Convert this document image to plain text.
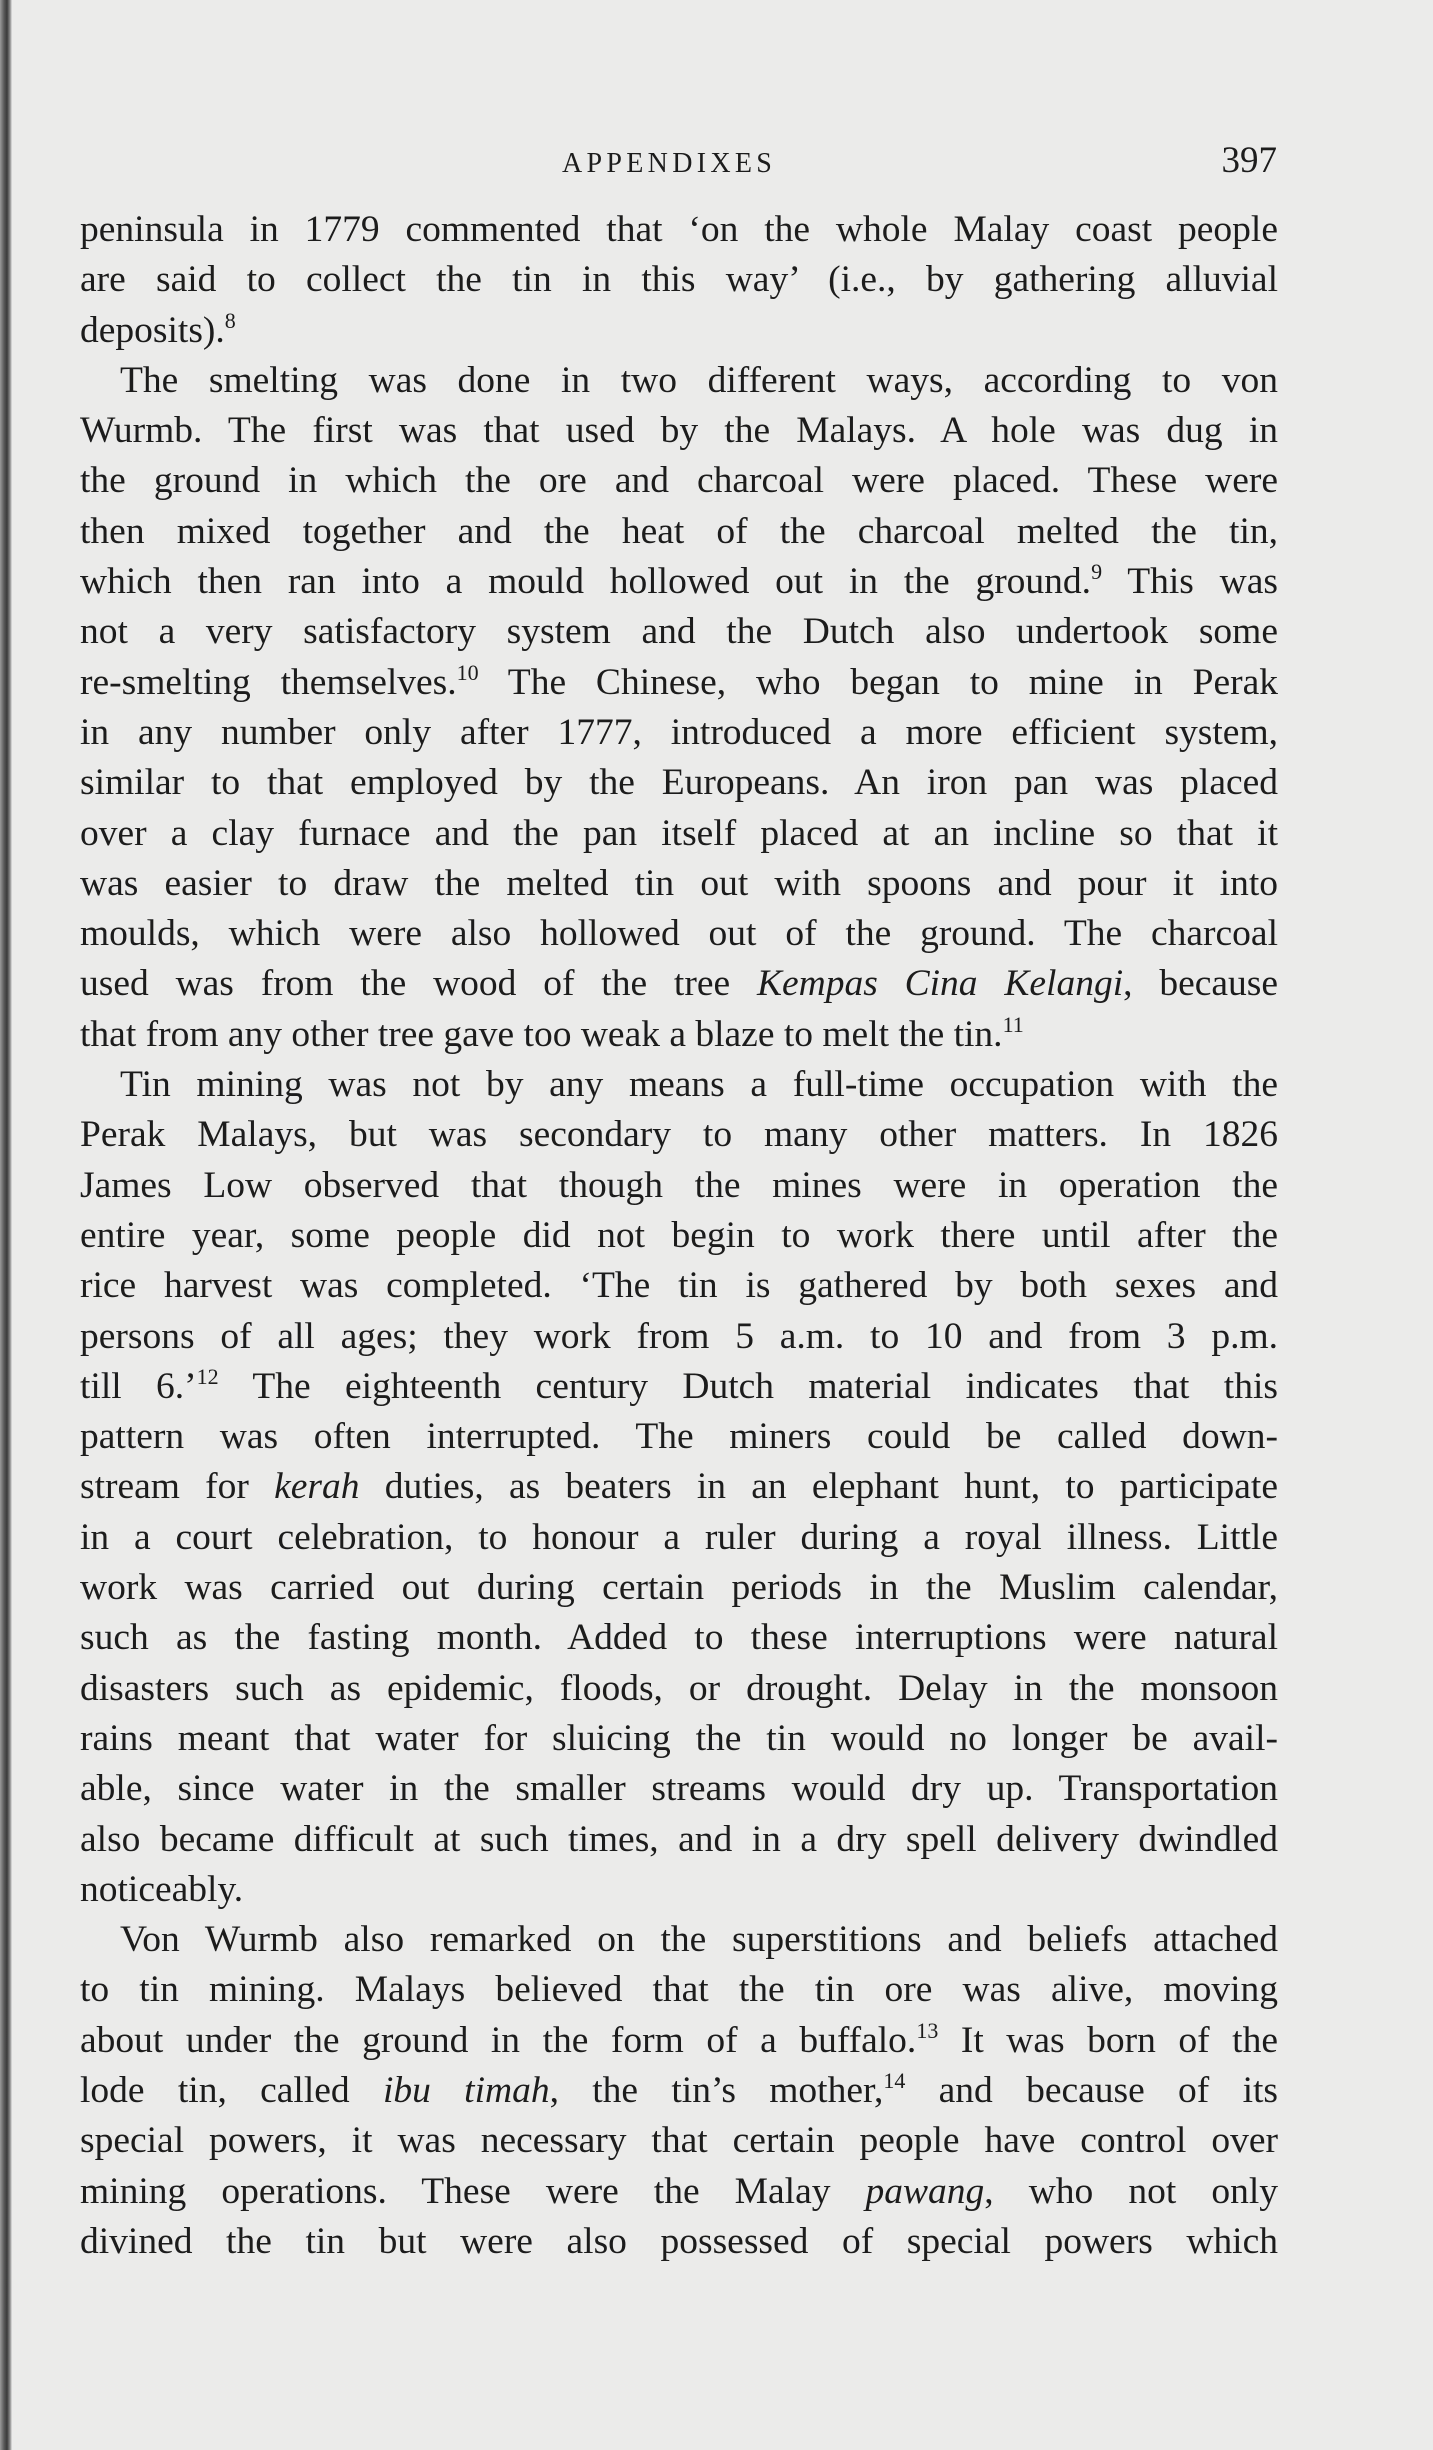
APPENDIXES	397
peninsula in 1779 commented that ‘on the whole Malay coast people
are said to collect the tin in this way’ (i.e., by gathering alluvial
deposits).$^8$
The smelting was done in two different ways, according to von
Wurmb. The first was that used by the Malays. A hole was dug in
the ground in which the ore and charcoal were placed. These were
then mixed together and the heat of the charcoal melted the tin,
which then ran into a mould hollowed out in the ground.$^9$ This was
not a very satisfactory system and the Dutch also undertook some
re-smelting themselves.$^{10}$ The Chinese, who began to mine in Perak
in any number only after 1777, introduced a more efficient system,
similar to that employed by the Europeans. An iron pan was placed
over a clay furnace and the pan itself placed at an incline so that it
was easier to draw the melted tin out with spoons and pour it into
moulds, which were also hollowed out of the ground. The charcoal
used was from the wood of the tree Kempas Cina Kelangi, because
that from any other tree gave too weak a blaze to melt the tin.$^{11}$
Tin mining was not by any means a full-time occupation with the
Perak Malays, but was secondary to many other matters. In 1826
James Low observed that though the mines were in operation the
entire year, some people did not begin to work there until after the
rice harvest was completed. ‘The tin is gathered by both sexes and
persons of all ages; they work from 5 a.m. to 10 and from 3 p.m.
till 6.’$^{12}$ The eighteenth century Dutch material indicates that this
pattern was often interrupted. The miners could be called down-
stream for kerah duties, as beaters in an elephant hunt, to participate
in a court celebration, to honour a ruler during a royal illness. Little
work was carried out during certain periods in the Muslim calendar,
such as the fasting month. Added to these interruptions were natural
disasters such as epidemic, floods, or drought. Delay in the monsoon
rains meant that water for sluicing the tin would no longer be avail-
able, since water in the smaller streams would dry up. Transportation
also became difficult at such times, and in a dry spell delivery dwindled
noticeably.
Von Wurmb also remarked on the superstitions and beliefs attached
to tin mining. Malays believed that the tin ore was alive, moving
about under the ground in the form of a buffalo.$^{13}$ It was born of the
lode tin, called ibu timah, the tin’s mother,$^{14}$ and because of its
special powers, it was necessary that certain people have control over
mining operations. These were the Malay pawang, who not only
divined the tin but were also possessed of special powers which
